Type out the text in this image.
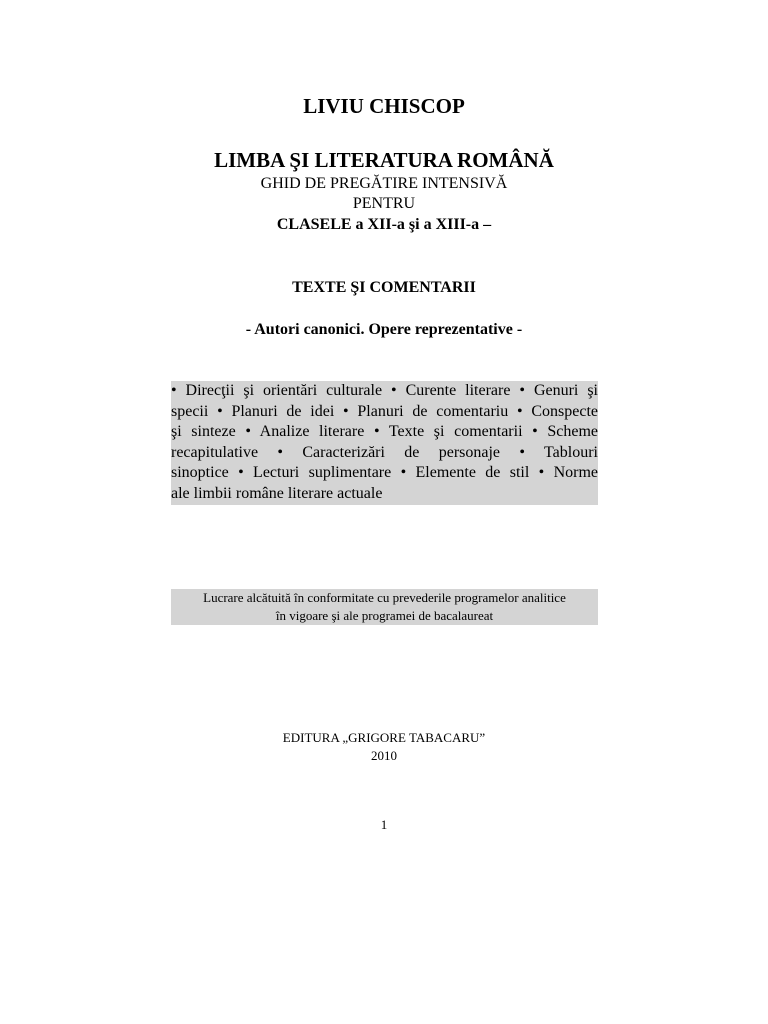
LIVIU CHISCOP

LIMBA ŞI LITERATURA ROMÂNĂ

GHID DE PREGĂTIRE INTENSIVĂ

PENTRU

CLASELE a XII-a şi a XIII-a –

TEXTE ŞI COMENTARII

- Autori canonici. Opere reprezentative -

• Direcţii şi orientări culturale • Curente literare • Genuri şi
specii • Planuri de idei • Planuri de comentariu • Conspecte
şi sinteze • Analize literare • Texte şi comentarii • Scheme
recapitulative • Caracterizări de personaje • Tablouri
sinoptice • Lecturi suplimentare • Elemente de stil • Norme
ale limbii române literare actuale
Lucrare alcătuită în conformitate cu prevederile programelor analitice
în vigoare şi ale programei de bacalaureat

EDITURA „GRIGORE TABACARU”

2010

1
